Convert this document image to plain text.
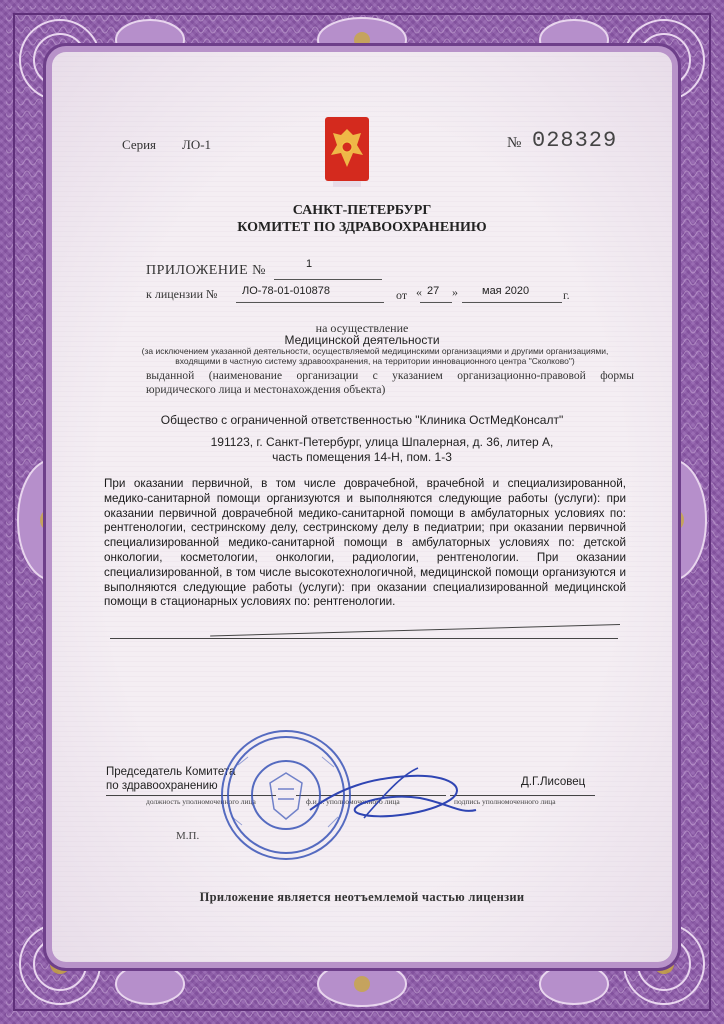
Серия ЛО-1	№ 028329
САНКТ-ПЕТЕРБУРГ
КОМИТЕТ ПО ЗДРАВООХРАНЕНИЮ
ПРИЛОЖЕНИЕ №	1
к лицензии № ЛО-78-01-010878	от « 27 » мая 2020	г.
на осуществление
Медицинской деятельности
(за исключением указанной деятельности, осуществляемой медицинскими организациями и другими организациями, входящими в частную систему здравоохранения, на территории инновационного центра "Сколково")
выданной (наименование организации с указанием организационно-правовой формы юридического лица и местонахождения объекта)
Общество с ограниченной ответственностью "Клиника ОстМедКонсалт"
191123, г. Санкт-Петербург, улица Шпалерная, д. 36, литер А,
часть помещения 14-Н, пом. 1-3
При оказании первичной, в том числе доврачебной, врачебной и специализированной, медико-санитарной помощи организуются и выполняются следующие работы (услуги): при оказании первичной доврачебной медико-санитарной помощи в амбулаторных условиях по: рентгенологии, сестринскому делу, сестринскому делу в педиатрии; при оказании первичной специализированной медико-санитарной помощи в амбулаторных условиях по: детской онкологии, косметологии, онкологии, радиологии, рентгенологии. При оказании специализированной, в том числе высокотехнологичной, медицинской помощи организуются и выполняются следующие работы (услуги): при оказании специализированной медицинской помощи в стационарных условиях по: рентгенологии.
Председатель Комитета
по здравоохранению	Д.Г.Лисовец
должность уполномоченного лица	ф.и.о. уполномоченного лица	подпись уполномоченного лица
М.П.
Приложение является неотъемлемой частью лицензии
